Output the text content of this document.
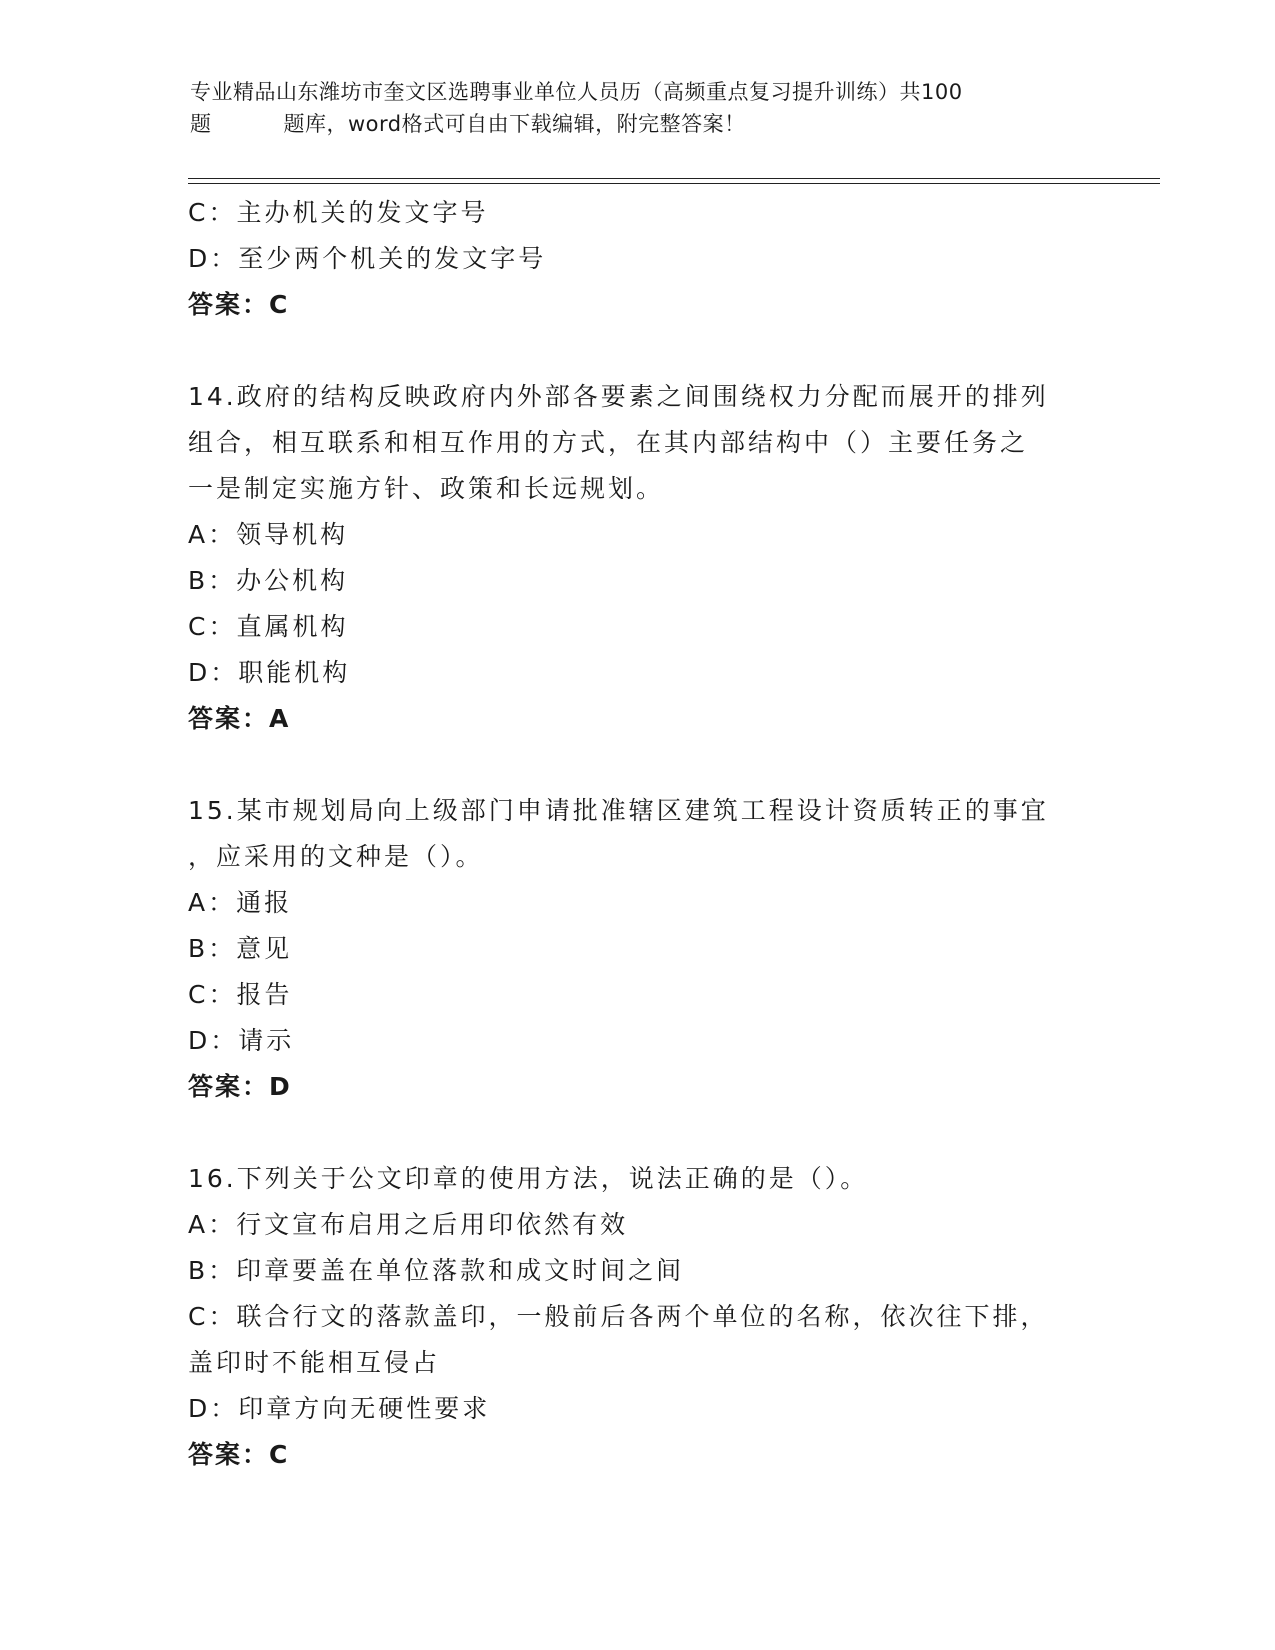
专业精品山东潍坊市奎文区选聘事业单位人员历（高频重点复习提升训练）共100

题	题库，word格式可自由下载编辑，附完整答案！
C：主办机关的发文字号
D：至少两个机关的发文字号
答案：C
14.政府的结构反映政府内外部各要素之间围绕权力分配而展开的排列
组合，相互联系和相互作用的方式，在其内部结构中（）主要任务之
一是制定实施方针、政策和长远规划。
A：领导机构
B：办公机构
C：直属机构
D：职能机构
答案：A
15.某市规划局向上级部门申请批准辖区建筑工程设计资质转正的事宜
，应采用的文种是（）。
A：通报
B：意见
C：报告
D：请示
答案：D
16.下列关于公文印章的使用方法，说法正确的是（）。
A：行文宣布启用之后用印依然有效
B：印章要盖在单位落款和成文时间之间
C：联合行文的落款盖印，一般前后各两个单位的名称，依次往下排，
盖印时不能相互侵占
D：印章方向无硬性要求
答案：C
